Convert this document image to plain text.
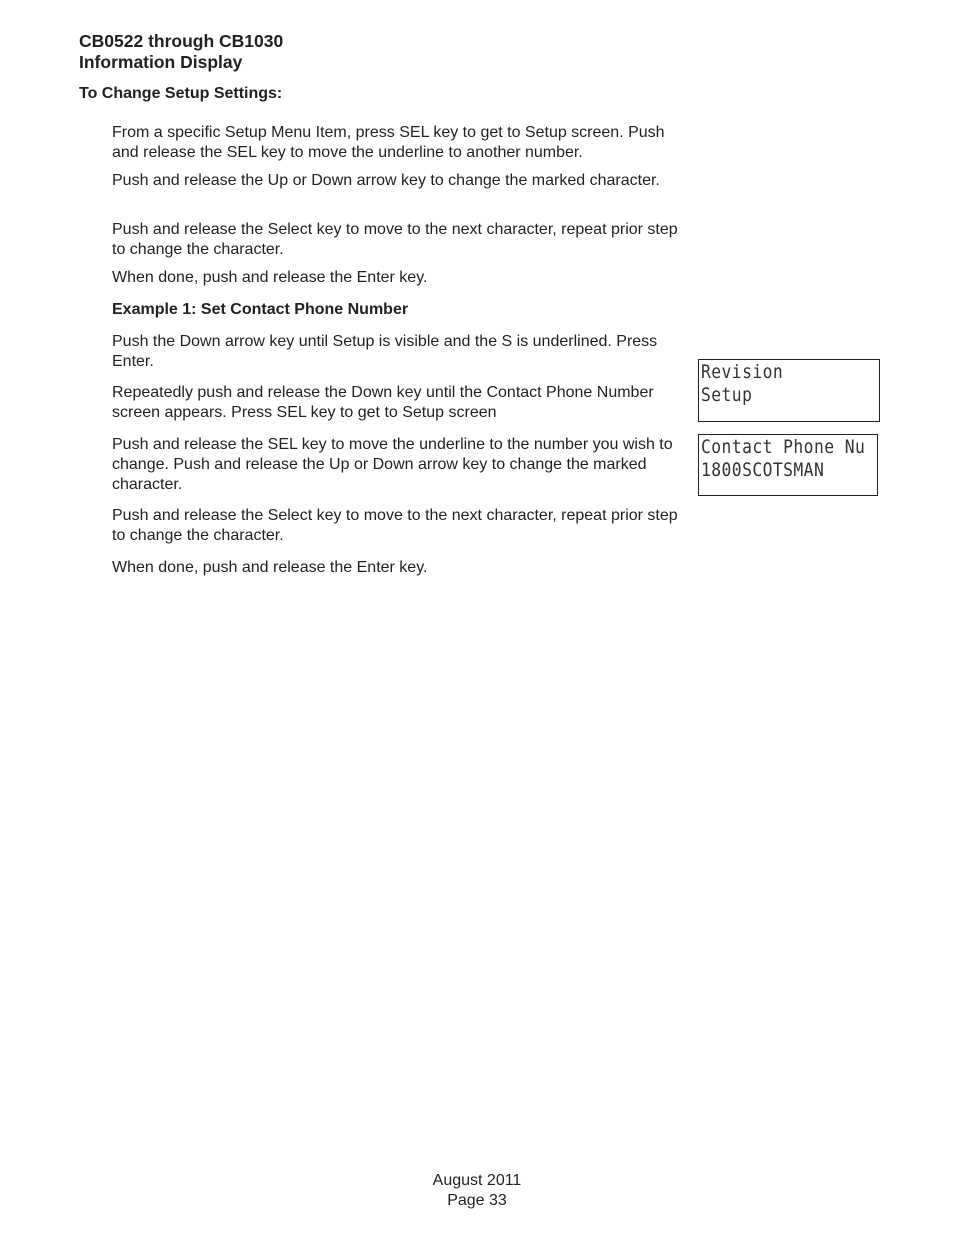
CB0522 through CB1030
Information Display
To Change Setup Settings:
From a specific Setup Menu Item, press SEL key to get to Setup screen. Push and release the SEL key to move the underline to another number.
Push and release the Up or Down arrow key to change the marked character.
Push and release the Select key to move to the next character, repeat prior step to change the character.
When done, push and release the Enter key.
Example 1: Set Contact Phone Number
Push the Down arrow key until Setup is visible and the S is underlined. Press Enter.
Repeatedly push and release the Down key until the Contact Phone Number screen appears. Press SEL key to get to Setup screen
Push and release the SEL key to move the underline to the number you wish to change. Push and release the Up or Down arrow key to change the marked character.
Push and release the Select key to move to the next character, repeat prior step to change the character.
When done, push and release the Enter key.
Revision
Setup
Contact Phone Nu
1800SCOTSMAN
August 2011
Page 33
